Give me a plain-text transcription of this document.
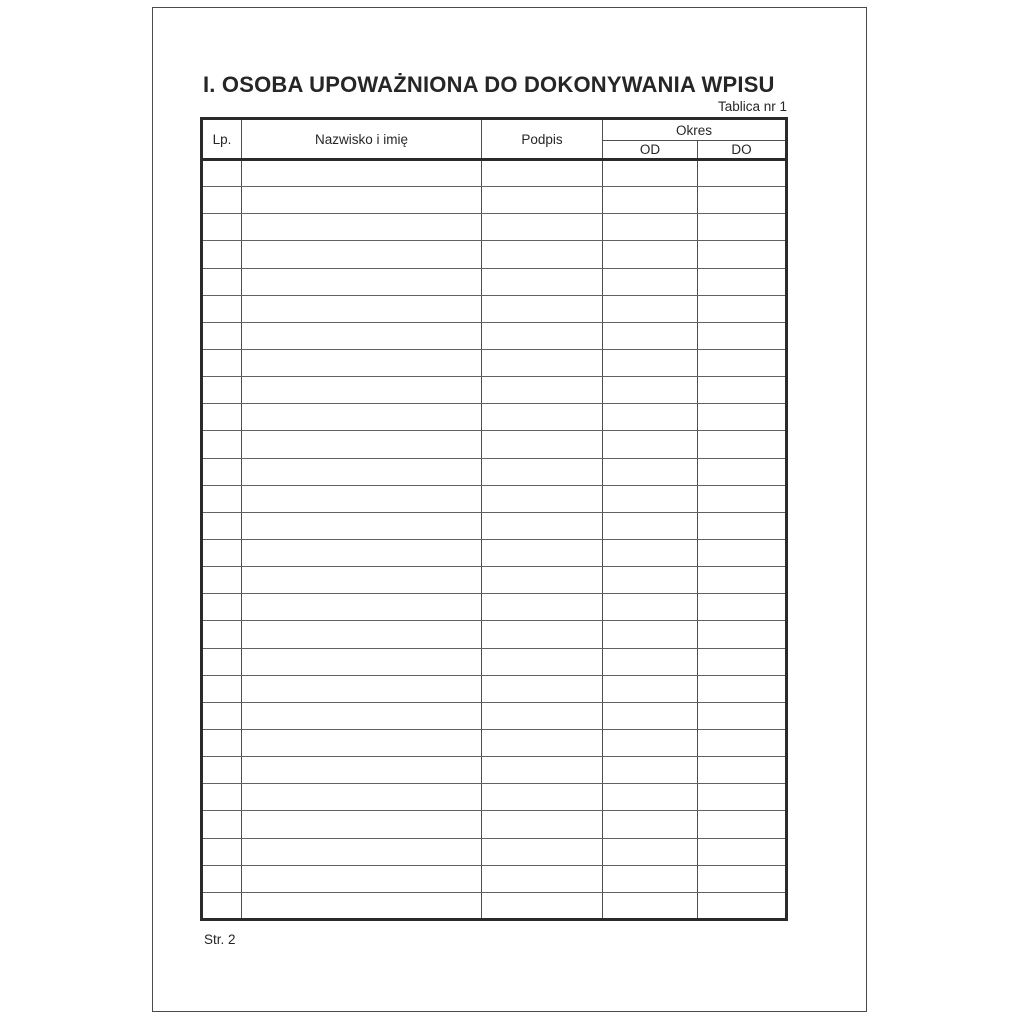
I. OSOBA UPOWAŻNIONA DO DOKONYWANIA WPISU
Tablica nr 1
Lp.	Nazwisko i imię	Podpis	Okres	
			OD	DO

Str. 2
